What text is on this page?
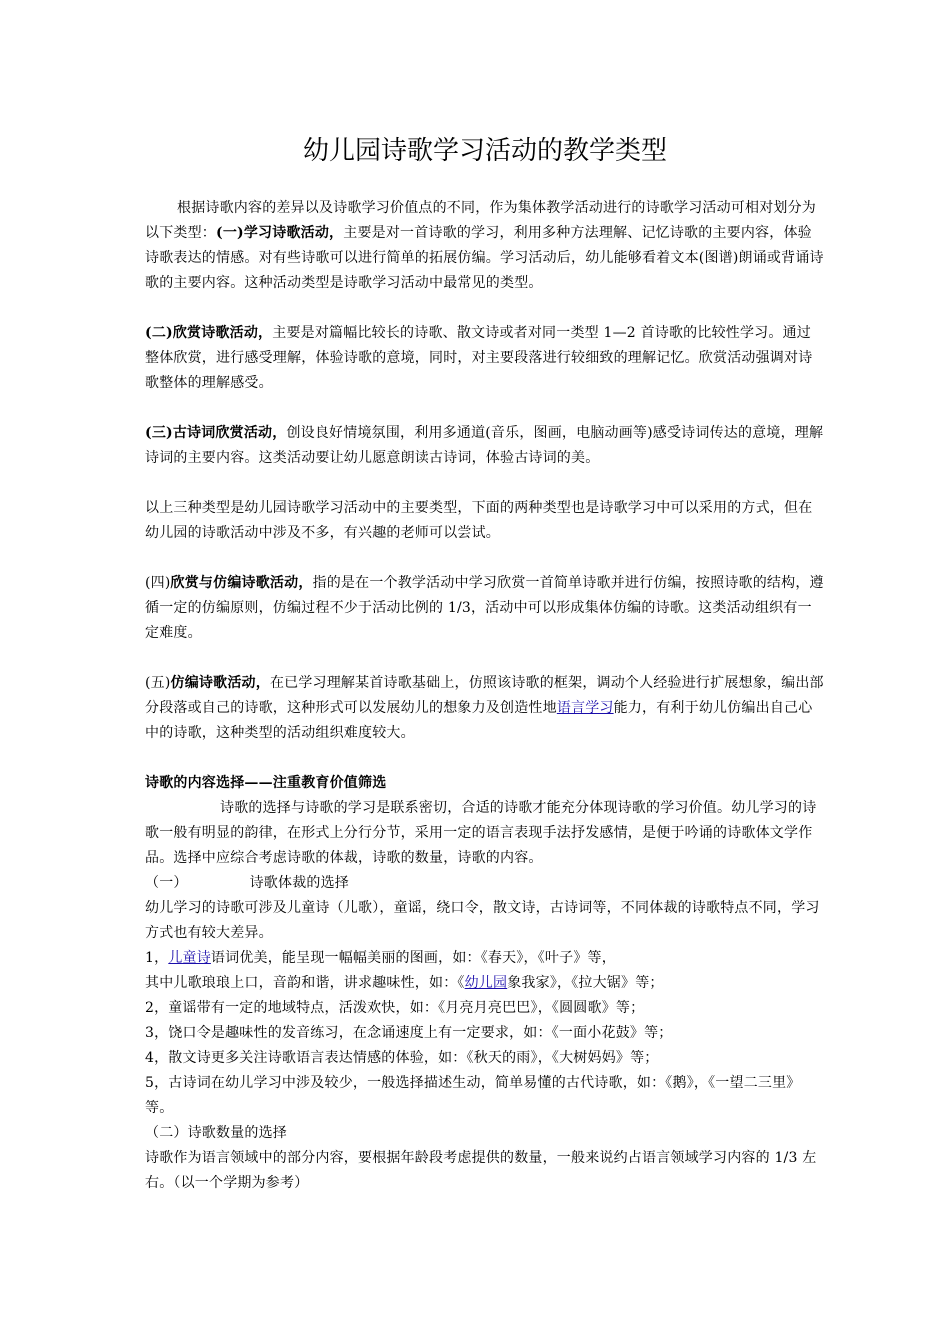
幼儿园诗歌学习活动的教学类型

根据诗歌内容的差异以及诗歌学习价值点的不同，作为集体教学活动进行的诗歌学习活动可相对划分为以下类型：(一)学习诗歌活动，主要是对一首诗歌的学习，利用多种方法理解、记忆诗歌的主要内容，体验诗歌表达的情感。对有些诗歌可以进行简单的拓展仿编。学习活动后，幼儿能够看着文本(图谱)朗诵或背诵诗歌的主要内容。这种活动类型是诗歌学习活动中最常见的类型。

(二)欣赏诗歌活动，主要是对篇幅比较长的诗歌、散文诗或者对同一类型 1—2 首诗歌的比较性学习。通过整体欣赏，进行感受理解，体验诗歌的意境，同时，对主要段落进行较细致的理解记忆。欣赏活动强调对诗歌整体的理解感受。

(三)古诗词欣赏活动，创设良好情境氛围，利用多通道(音乐，图画，电脑动画等)感受诗词传达的意境，理解诗词的主要内容。这类活动要让幼儿愿意朗读古诗词，体验古诗词的美。

以上三种类型是幼儿园诗歌学习活动中的主要类型，下面的两种类型也是诗歌学习中可以采用的方式，但在幼儿园的诗歌活动中涉及不多，有兴趣的老师可以尝试。

(四)欣赏与仿编诗歌活动，指的是在一个教学活动中学习欣赏一首简单诗歌并进行仿编，按照诗歌的结构，遵循一定的仿编原则，仿编过程不少于活动比例的 1/3，活动中可以形成集体仿编的诗歌。这类活动组织有一定难度。

(五)仿编诗歌活动，在已学习理解某首诗歌基础上，仿照该诗歌的框架，调动个人经验进行扩展想象，编出部分段落或自己的诗歌，这种形式可以发展幼儿的想象力及创造性地语言学习能力，有利于幼儿仿编出自己心中的诗歌，这种类型的活动组织难度较大。

诗歌的内容选择——注重教育价值筛选

诗歌的选择与诗歌的学习是联系密切，合适的诗歌才能充分体现诗歌的学习价值。幼儿学习的诗歌一般有明显的韵律，在形式上分行分节，采用一定的语言表现手法抒发感情，是便于吟诵的诗歌体文学作品。选择中应综合考虑诗歌的体裁，诗歌的数量，诗歌的内容。

（一）	诗歌体裁的选择

幼儿学习的诗歌可涉及儿童诗（儿歌），童谣，绕口令，散文诗，古诗词等，不同体裁的诗歌特点不同，学习方式也有较大差异。

1，儿童诗语词优美，能呈现一幅幅美丽的图画，如：《春天》，《叶子》等，

其中儿歌琅琅上口，音韵和谐，讲求趣味性，如：《幼儿园象我家》，《拉大锯》等；

2，童谣带有一定的地域特点，活泼欢快，如：《月亮月亮巴巴》，《圆圆歌》等；

3，饶口令是趣味性的发音练习，在念诵速度上有一定要求，如：《一面小花鼓》等；

4，散文诗更多关注诗歌语言表达情感的体验，如：《秋天的雨》，《大树妈妈》等；

5，古诗词在幼儿学习中涉及较少，一般选择描述生动，简单易懂的古代诗歌，如：《鹅》，《一望二三里》等。

（二）诗歌数量的选择

诗歌作为语言领域中的部分内容，要根据年龄段考虑提供的数量，一般来说约占语言领域学习内容的 1/3 左右。（以一个学期为参考）
